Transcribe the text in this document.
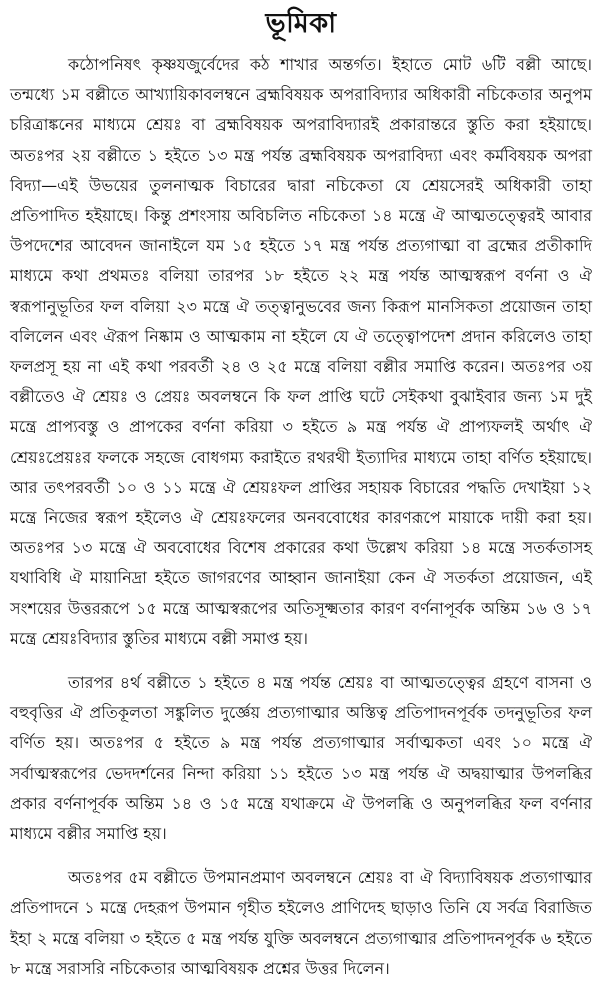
ভূমিকা

কঠোপনিষৎ কৃষ্ণযজুর্বেদের কঠ শাখার অন্তর্গত। ইহাতে মোট ৬টি বল্লী আছে। তন্মধ্যে ১ম বল্লীতে আখ্যায়িকাবলম্বনে ব্রহ্মবিষয়ক অপরাবিদ্যার অধিকারী নচিকেতার অনুপম চরিত্রাঙ্কনের মাধ্যমে শ্রেয়ঃ বা ব্রহ্মবিষয়ক অপরাবিদ্যারই প্রকারান্তরে স্তুতি করা হইয়াছে। অতঃপর ২য় বল্লীতে ১ হইতে ১৩ মন্ত্র পর্যন্ত ব্রহ্মবিষয়ক অপরাবিদ্যা এবং কর্মবিষয়ক অপরা বিদ্যা—এই উভয়ের তুলনাত্মক বিচারের দ্বারা নচিকেতা যে শ্রেয়সেরই অধিকারী তাহা প্রতিপাদিত হইয়াছে। কিন্তু প্রশংসায় অবিচলিত নচিকেতা ১৪ মন্ত্রে ঐ আত্মতত্ত্বেরই আবার উপদেশের আবেদন জানাইলে যম ১৫ হইতে ১৭ মন্ত্র পর্যন্ত প্রত্যগাত্মা বা ব্রহ্মের প্রতীকাদি মাধ্যমে কথা প্রথমতঃ বলিয়া তারপর ১৮ হইতে ২২ মন্ত্র পর্যন্ত আত্মস্বরূপ বর্ণনা ও ঐ স্বরূপানুভূতির ফল বলিয়া ২৩ মন্ত্রে ঐ তত্ত্বানুভবের জন্য কিরূপ মানসিকতা প্রয়োজন তাহা বলিলেন এবং ঐরূপ নিষ্কাম ও আত্মকাম না হইলে যে ঐ তত্ত্বোপদেশ প্রদান করিলেও তাহা ফলপ্রসূ হয় না এই কথা পরবর্তী ২৪ ও ২৫ মন্ত্রে বলিয়া বল্লীর সমাপ্তি করেন। অতঃপর ৩য় বল্লীতেও ঐ শ্রেয়ঃ ও প্রেয়ঃ অবলম্বনে কি ফল প্রাপ্তি ঘটে সেইকথা বুঝাইবার জন্য ১ম দুই মন্ত্রে প্রাপ্যবস্তু ও প্রাপকের বর্ণনা করিয়া ৩ হইতে ৯ মন্ত্র পর্যন্ত ঐ প্রাপ্যফলই অর্থাৎ ঐ শ্রেয়ঃপ্রেয়ঃর ফলকে সহজে বোধগম্য করাইতে রথরথী ইত্যাদির মাধ্যমে তাহা বর্ণিত হইয়াছে। আর তৎপরবর্তী ১০ ও ১১ মন্ত্রে ঐ শ্রেয়ঃফল প্রাপ্তির সহায়ক বিচারের পদ্ধতি দেখাইয়া ১২ মন্ত্রে নিজের স্বরূপ হইলেও ঐ শ্রেয়ঃফলের অনববোধের কারণরূপে মায়াকে দায়ী করা হয়। অতঃপর ১৩ মন্ত্রে ঐ অববোধের বিশেষ প্রকারের কথা উল্লেখ করিয়া ১৪ মন্ত্রে সতর্কতাসহ যথাবিধি ঐ মায়ানিদ্রা হইতে জাগরণের আহ্বান জানাইয়া কেন ঐ সতর্কতা প্রয়োজন, এই সংশয়ের উত্তররূপে ১৫ মন্ত্রে আত্মস্বরূপের অতিসূক্ষ্মতার কারণ বর্ণনাপূর্বক অন্তিম ১৬ ও ১৭ মন্ত্রে শ্রেয়ঃবিদ্যার স্তুতির মাধ্যমে বল্লী সমাপ্ত হয়।

তারপর ৪র্থ বল্লীতে ১ হইতে ৪ মন্ত্র পর্যন্ত শ্রেয়ঃ বা আত্মতত্ত্বের গ্রহণে বাসনা ও বহুবৃত্তির ঐ প্রতিকূলতা সঙ্কুলিত দুর্জ্ঞেয় প্রত্যগাত্মার অস্তিত্ব প্রতিপাদনপূর্বক তদনুভূতির ফল বর্ণিত হয়। অতঃপর ৫ হইতে ৯ মন্ত্র পর্যন্ত প্রত্যগাত্মার সর্বাত্মকতা এবং ১০ মন্ত্রে ঐ সর্বাত্মস্বরূপের ভেদদর্শনের নিন্দা করিয়া ১১ হইতে ১৩ মন্ত্র পর্যন্ত ঐ অদ্বয়াত্মার উপলব্ধির প্রকার বর্ণনাপূর্বক অন্তিম ১৪ ও ১৫ মন্ত্রে যথাক্রমে ঐ উপলব্ধি ও অনুপলব্ধির ফল বর্ণনার মাধ্যমে বল্লীর সমাপ্তি হয়।

অতঃপর ৫ম বল্লীতে উপমানপ্রমাণ অবলম্বনে শ্রেয়ঃ বা ঐ বিদ্যাবিষয়ক প্রত্যগাত্মার প্রতিপাদনে ১ মন্ত্রে দেহরূপ উপমান গৃহীত হইলেও প্রাণিদেহ ছাড়াও তিনি যে সর্বত্র বিরাজিত ইহা ২ মন্ত্রে বলিয়া ৩ হইতে ৫ মন্ত্র পর্যন্ত যুক্তি অবলম্বনে প্রত্যগাত্মার প্রতিপাদনপূর্বক ৬ হইতে ৮ মন্ত্রে সরাসরি নচিকেতার আত্মবিষয়ক প্রশ্নের উত্তর দিলেন।
